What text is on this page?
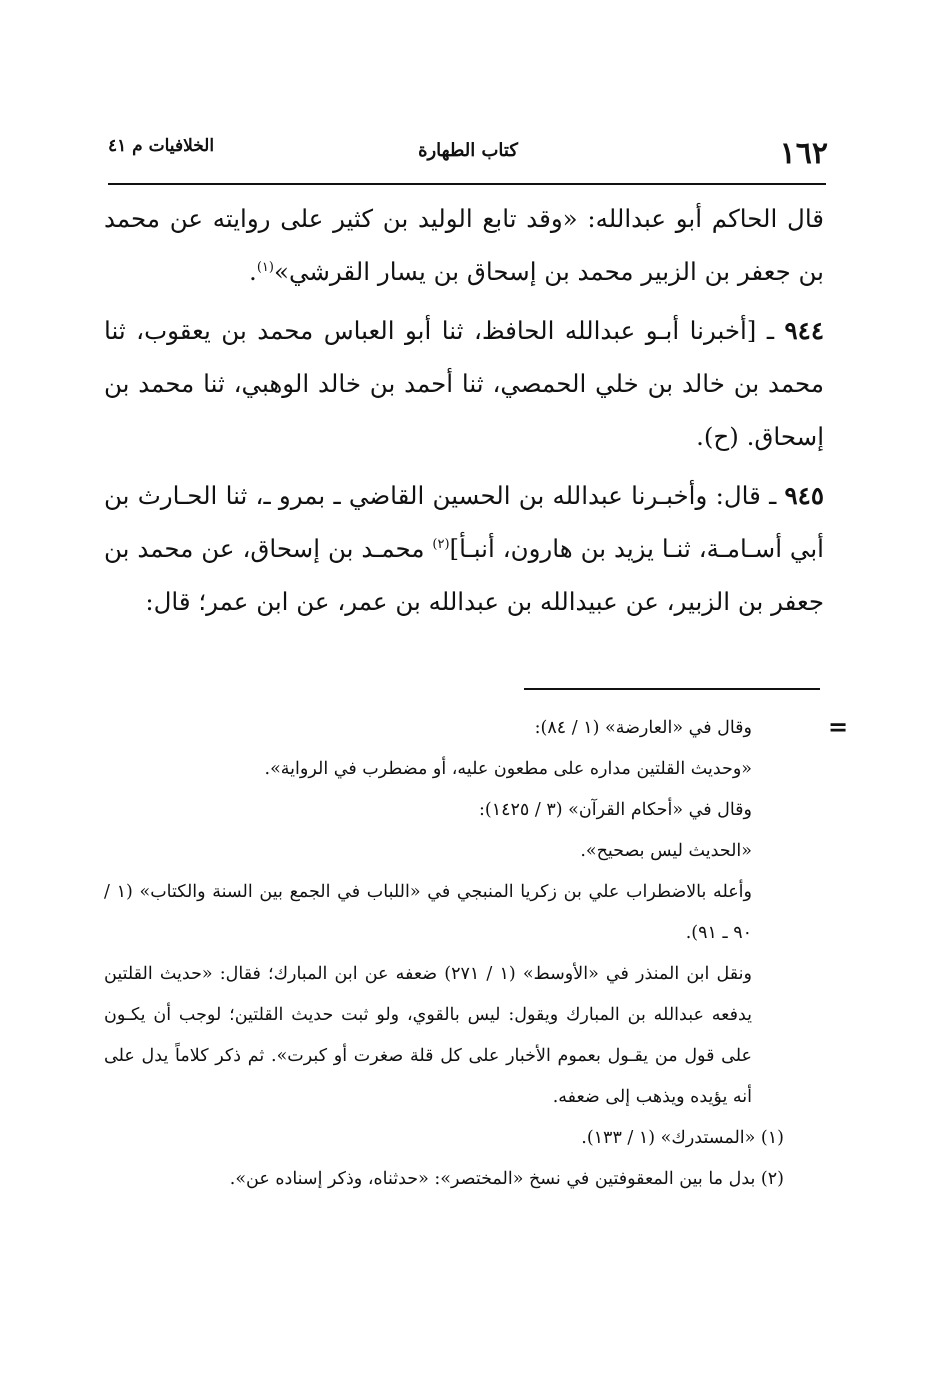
١٦٢
كتاب الطهارة
الخلافيات م ٤١

قال الحاكم أبو عبدالله: «وقد تابع الوليد بن كثير على روايته عن محمد بن جعفر بن الزبير محمد بن إسحاق بن يسار القرشي»$^{(١)}$.

٩٤٤ ـ [أخبرنا أبـو عبدالله الحافظ، ثنا أبو العباس محمد بن يعقوب، ثنا محمد بن خالد بن خلي الحمصي، ثنا أحمد بن خالد الوهبي، ثنا محمد بن إسحاق. (ح).

٩٤٥ ـ قال: وأخبـرنا عبدالله بن الحسين القاضي ـ بمرو ـ، ثنا الحـارث بن أبي أسـامـة، ثنـا يزيد بن هارون، أنبـأ]$^{(٢)}$ محمـد بن إسحاق، عن محمد بن جعفر بن الزبير، عن عبيدالله بن عبدالله بن عمر، عن ابن عمر؛ قال:

=

وقال في «العارضة» (١ / ٨٤):

«وحديث القلتين مداره على مطعون عليه، أو مضطرب في الرواية».

وقال في «أحكام القرآن» (٣ / ١٤٢٥):

«الحديث ليس بصحيح».

وأعله بالاضطراب علي بن زكريا المنبجي في «اللباب في الجمع بين السنة والكتاب» (١ / ٩٠ ـ ٩١).

ونقل ابن المنذر في «الأوسط» (١ / ٢٧١) ضعفه عن ابن المبارك؛ فقال: «حديث القلتين يدفعه عبدالله بن المبارك ويقول: ليس بالقوي، ولو ثبت حديث القلتين؛ لوجب أن يكـون على قول من يقـول بعموم الأخبار على كل قلة صغرت أو كبرت». ثم ذكر كلاماً يدل على أنه يؤيده ويذهب إلى ضعفه.

(١) «المستدرك» (١ / ١٣٣).

(٢) بدل ما بين المعقوفتين في نسخ «المختصر»: «حدثناه، وذكر إسناده عن».
